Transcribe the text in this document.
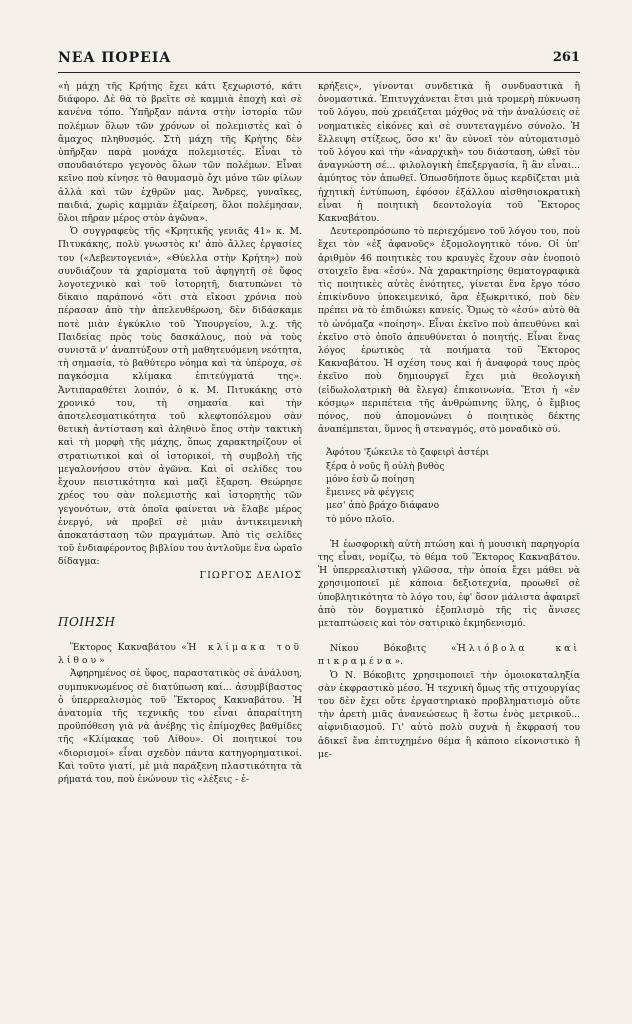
ΝΕΑ ΠΟΡΕΙΑ	261

«ἡ μάχη τῆς Κρήτης ἔχει κάτι ξεχωριστό, κάτι διάφορο. Δὲ θὰ τὸ βρεῖτε σὲ καμμιὰ ἐποχὴ καὶ σὲ κανένα τόπο. Ὑπῆρξαν πάντα στὴν ἱστορία τῶν πολέμων ὅλων τῶν χρόνων οἱ πολεμιστὲς καὶ ὁ ἄμαχος πληθυσμός. Στὴ μάχη τῆς Κρήτης δὲν ὑπῆρξαν παρὰ μονάχα πολεμιστές. Εἶναι τὸ σπουδαιότερο γεγονὸς ὅλων τῶν πολέμων. Εἶναι κεῖνο ποὺ κίνησε τὸ θαυμασμὸ ὄχι μόνο τῶν φίλων ἀλλὰ καὶ τῶν ἐχθρῶν μας. Ἄνδρες, γυναῖκες, παιδιά, χωρὶς καμμιὰν ἐξαίρεση, ὅλοι πολέμησαν, ὅλοι πῆραν μέρος στὸν ἀγῶνα».

Ὁ συγγραφεὺς τῆς «Κρητικῆς γενιᾶς 41» κ. Μ. Πιτυκάκης, πολὺ γνωστὸς κι' ἀπὸ ἄλλες ἐργασίες του («Λεβεντογενιά», «Θύελλα στὴν Κρήτη») ποὺ συνδιάζουν τὰ χαρίσματα τοῦ ἀφηγητῆ σὲ ὕφος λογοτεχνικὸ καὶ τοῦ ἱστορητῆ, διατυπώνει τὸ δίκαιο παράπονό «ὅτι στὰ εἴκοσι χρόνια ποὺ πέρασαν ἀπὸ τὴν ἀπελευθέρωση, δὲν διδάσκαμε ποτὲ μιὰν ἐγκύκλιο τοῦ Ὑπουργείου, λ.χ. τῆς Παιδείας πρὸς τοὺς δασκάλους, ποὺ νὰ τοὺς συνιστᾶ ν' ἀναπτύξουν στὴ μαθητευόμενη νεότητα, τὴ σημασία, τὸ βαθύτερο νόημα καὶ τὰ ὑπέροχα, σὲ παγκόσμια κλίμακα ἐπιτεύγματά της». Ἀντιπαραθέτει λοιπόν, ὁ κ. Μ. Πιτυκάκης στὸ χρονικό του, τὴ σημασία καὶ τὴν ἀποτελεσματικότητα τοῦ κλεφτοπόλεμου σὰν θετικὴ ἀντίσταση καὶ ἀληθινὸ ἔπος στὴν τακτικὴ καὶ τὴ μορφὴ τῆς μάχης, ὅπως χαρακτηρίζουν οἱ στρατιωτικοὶ καὶ οἱ ἱστορικοί, τὴ συμβολὴ τῆς μεγαλονήσου στὸν ἀγῶνα. Καὶ οἱ σελίδες του ἔχουν πειστικότητα καὶ μαζὶ ἔξαρση. Θεώρησε χρέος του σὰν πολεμιστὴς καὶ ἱστορητὴς τῶν γεγονότων, στὰ ὁποῖα φαίνεται νὰ ἔλαβε μέρος ἐνεργό, νὰ προβεῖ σὲ μιὰν ἀντικειμενικὴ ἀποκατάσταση τῶν πραγμάτων. Ἀπὸ τὶς σελίδες τοῦ ἐνδιαφέροντος βιβλίου του ἀντλοῦμε ἕνα ὡραῖο δίδαγμα:

ΓΙΩΡΓΟΣ ΔΕΛΙΟΣ

ΠΟΙΗΣΗ

Ἕκτορος Κακναβάτου «Ἡ κλίμακα τοῦ λίθου»

Ἀφηρημένος σὲ ὕφος, παραστατικὸς σὲ ἀνάλυση, συμπυκνωμένος σὲ διατύπωση καί... ἀσυμβίβαστος ὁ ὑπερρεαλισμὸς τοῦ Ἕκτορος Κακναβάτου. Ἡ ἀνατομία τῆς τεχνικῆς του εἶναι ἀπαραίτητη προϋπόθεση γιὰ νὰ ἀνέβης τὶς ἐπίμοχθες βαθμίδες τῆς «Κλίμακας τοῦ Λίθου». Οἱ ποιητικοί του «διορισμοί» εἶναι σχεδὸν πάντα κατηγορηματικοί. Καὶ τοῦτο γιατί, μὲ μιὰ παράξενη πλαστικότητα τὰ ρήματά του, ποὺ ἑνώνουν τὶς «λέξεις - ἐ-

κρήξεις», γίνονται συνδετικὰ ἢ συνδυαστικὰ ἢ ὀνομαστικά. Ἐπιτυγχάνεται ἔτσι μιὰ τρομερὴ πύκνωση τοῦ λόγου, ποὺ χρειάζεται μόχθος νὰ τὴν ἀναλύσεις σὲ νοηματικὲς εἰκόνες καὶ σὲ συντεταγμένο σύνολο. Ἡ ἔλλειψη στίξεως, ὅσο κι' ἂν εὐνοεῖ τὸν αὐτοματισμὸ τοῦ λόγου καὶ τὴν «ἀναρχικὴ» του διάσταση, ὠθεῖ τὸν ἀναγνώστη σέ... φιλολογικὴ ἐπεξεργασία, ἢ ἂν εἶναι... ἀμύητος τὸν ἀπωθεῖ. Ὁπωσδήποτε ὅμως κερδίζεται μιὰ ἠχητικὴ ἐντύπωση, ἐφόσον ἐξάλλου αἰσθησιοκρατικὴ εἶναι ἡ ποιητικὴ δεοντολογία τοῦ Ἕκτορος Κακναβάτου.

Δευτεροπρόσωπο τὸ περιεχόμενο τοῦ λόγου του, ποὺ ἔχει τὸν «ἐξ ἀφανοῦς» ἐξομολογητικὸ τόνο. Οἱ ὑπ' ἀριθμὸν 46 ποιητικὲς του κραυγὲς ἔχουν σὰν ἑνοποιὸ στοιχεῖο ἕνα «ἐσύ». Νὰ χαρακτηρίσης θεματογραφικὰ τὶς ποιητικὲς αὐτὲς ἑνότητες, γίνεται ἕνα ἔργο τόσο ἐπικίνδυνο ὑποκειμενικό, ἄρα ἐξωκριτικό, ποὺ δὲν πρέπει νὰ τὸ ἐπιδιώκει κανείς. Ὅμως τὸ «ἐσύ» αὐτὸ θὰ τὸ ὠνόμαζα «ποίηση». Εἶναι ἐκεῖνο ποὺ ἀπευθύνει καὶ ἐκεῖνο στὸ ὁποῖο ἀπευθύνεται ὁ ποιητής. Εἶναι ἕνας λόγος ἐρωτικὸς τὰ ποιήματα τοῦ Ἕκτορος Κακναβάτου. Ἡ σχέση τους καὶ ἡ ἀναφορά τους πρὸς ἐκεῖνο ποὺ δημιουργεῖ ἔχει μιὰ θεολογικὴ (εἰδωλολατρικὴ θὰ ἔλεγα) ἐπικοινωνία. Ἔτσι ἡ «ἐν κόσμῳ» περιπέτεια τῆς ἀνθρώπινης ὕλης, ὁ ἔμβιος πόνος, ποὺ ἀπομονώνει ὁ ποιητικὸς δέκτης ἀναπέμπεται, ὕμνος ἢ στεναγμός, στὸ μοναδικὸ σύ.

Ἀφότου 'ξώκειλε τὸ ζαφειρὶ ἀστέρι
ξέρα ὁ νοῦς ἢ οὐλὴ βυθὸς
μόνο ἐσὺ ὤ ποίηση
ἔμεινες νὰ φέγγεις
μεσ' ἀπὸ βράχο διάφανο
τὸ μόνο πλοῖο.

Ἡ ἐωσφορικὴ αὐτὴ πτώση καὶ ἡ μουσικὴ παρηγορία της εἶναι, νομίζω, τὸ θέμα τοῦ Ἕκτορος Κακναβάτου. Ἡ ὑπερρεαλιστικὴ γλῶσσα, τὴν ὁποία ἔχει μάθει νὰ χρησιμοποιεῖ μὲ κάποια δεξιοτεχνία, προωθεῖ σὲ ὑποβλητικότητα τὸ λόγο του, ἐφ' ὅσον μάλιστα ἀφαιρεῖ ἀπὸ τὸν δογματικὸ ἐξοπλισμὸ τῆς τὶς ἄνισες μεταπτώσεις καὶ τὸν σατιρικὸ ἐκμηδενισμό.

Νίκου Βόκοβιτς «Ἡλιόβολα καὶ πικραμένα».

Ὁ Ν. Βόκοβιτς χρησιμοποιεῖ τὴν ὁμοιοκαταληξία σὰν ἐκφραστικὸ μέσο. Ἡ τεχνικὴ ὅμως τῆς στιχουργίας του δὲν ἔχει οὔτε ἐργαστηριακὸ προβληματισμὸ οὔτε τὴν ἀρετὴ μιᾶς ἀνανεώσεως ἢ ἔστω ἑνὸς μετρικοῦ... αἰφνιδιασμοῦ. Γι' αὐτὸ πολὺ συχνὰ ἡ ἔκφρασή του ἀδικεῖ ἕνα ἐπιτυχημένο θέμα ἢ κάποιο εἰκονιστικὸ ἢ με-
